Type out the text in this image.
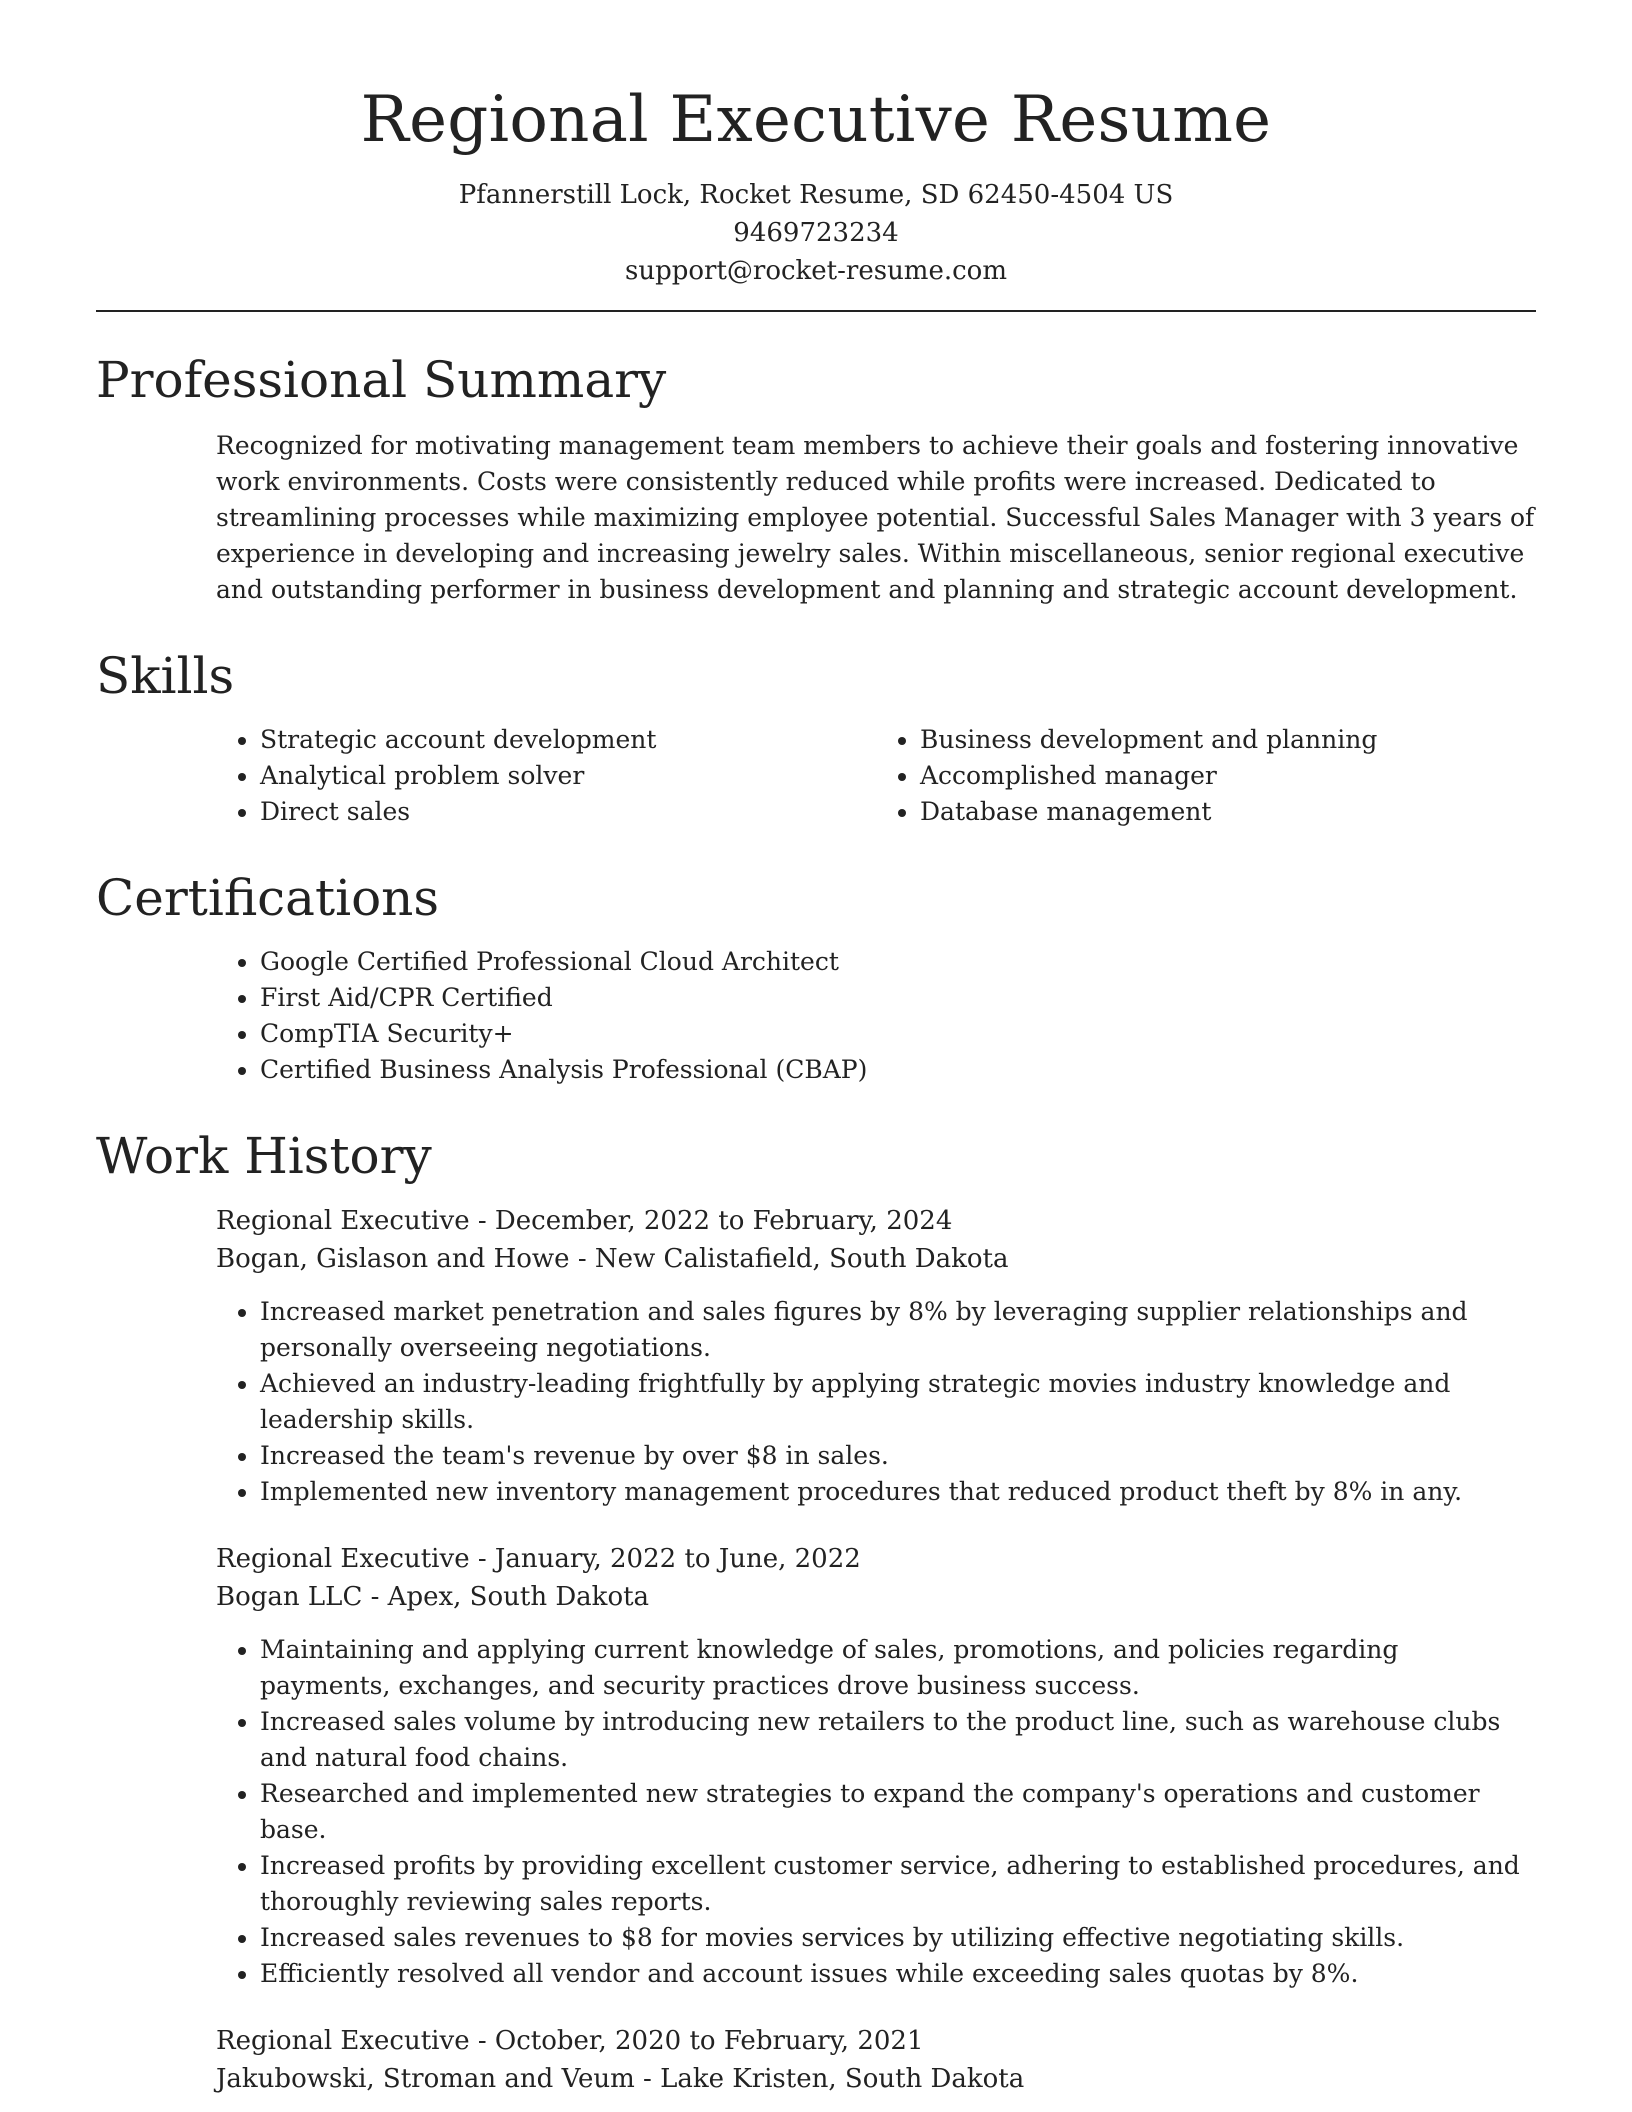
Regional Executive Resume
Pfannerstill Lock, Rocket Resume, SD 62450-4504 US
9469723234
support@rocket-resume.com
Professional Summary

Recognized for motivating management team members to achieve their goals and fostering innovative work environments. Costs were consistently reduced while profits were increased. Dedicated to streamlining processes while maximizing employee potential. Successful Sales Manager with 3 years of experience in developing and increasing jewelry sales. Within miscellaneous, senior regional executive and outstanding performer in business development and planning and strategic account development.

Skills
• Strategic account development
• Analytical problem solver
• Direct sales
• Business development and planning
• Accomplished manager
• Database management
Certifications
• Google Certified Professional Cloud Architect
• First Aid/CPR Certified
• CompTIA Security+
• Certified Business Analysis Professional (CBAP)
Work History
Regional Executive - December, 2022 to February, 2024
Bogan, Gislason and Howe - New Calistafield, South Dakota
• Increased market penetration and sales figures by 8% by leveraging supplier relationships and personally overseeing negotiations.
• Achieved an industry-leading frightfully by applying strategic movies industry knowledge and leadership skills.
• Increased the team's revenue by over $8 in sales.
• Implemented new inventory management procedures that reduced product theft by 8% in any.
Regional Executive - January, 2022 to June, 2022
Bogan LLC - Apex, South Dakota
• Maintaining and applying current knowledge of sales, promotions, and policies regarding payments, exchanges, and security practices drove business success.
• Increased sales volume by introducing new retailers to the product line, such as warehouse clubs and natural food chains.
• Researched and implemented new strategies to expand the company's operations and customer base.
• Increased profits by providing excellent customer service, adhering to established procedures, and thoroughly reviewing sales reports.
• Increased sales revenues to $8 for movies services by utilizing effective negotiating skills.
• Efficiently resolved all vendor and account issues while exceeding sales quotas by 8%.
Regional Executive - October, 2020 to February, 2021
Jakubowski, Stroman and Veum - Lake Kristen, South Dakota
